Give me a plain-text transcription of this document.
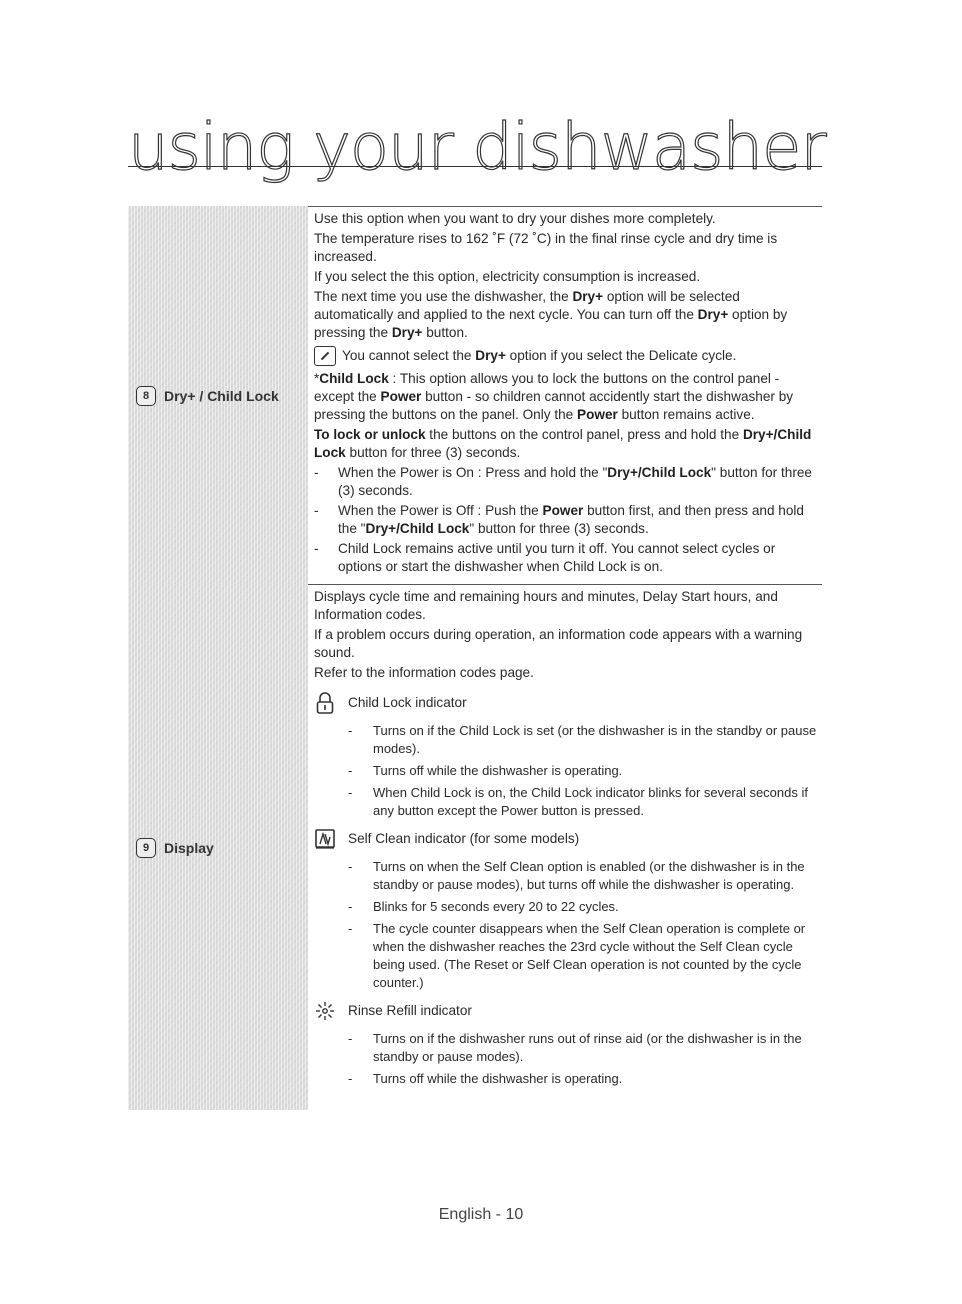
using your dishwasher
8	Dry+ / Child Lock

Use this option when you want to dry your dishes more completely.

The temperature rises to 162 ˚F (72 ˚C) in the final rinse cycle and dry time is increased.

If you select the this option, electricity consumption is increased.

The next time you use the dishwasher, the Dry+ option will be selected automatically and applied to the next cycle. You can turn off the Dry+ option by pressing the Dry+ button.

You cannot select the Dry+ option if you select the Delicate cycle.

*Child Lock : This option allows you to lock the buttons on the control panel - except the Power button - so children cannot accidently start the dishwasher by pressing the buttons on the panel. Only the Power button remains active.

To lock or unlock the buttons on the control panel, press and hold the Dry+/Child Lock button for three (3) seconds.

-	When the Power is On : Press and hold the "Dry+/Child Lock" button for three (3) seconds.
-	When the Power is Off : Push the Power button first, and then press and hold the "Dry+/Child Lock" button for three (3) seconds.
-	Child Lock remains active until you turn it off. You cannot select cycles or options or start the dishwasher when Child Lock is on.
9	Display

Displays cycle time and remaining hours and minutes, Delay Start hours, and Information codes.

If a problem occurs during operation, an information code appears with a warning sound.

Refer to the information codes page.

Child Lock indicator
-	Turns on if the Child Lock is set (or the dishwasher is in the standby or pause modes).
-	Turns off while the dishwasher is operating.
-	When Child Lock is on, the Child Lock indicator blinks for several seconds if any button except the Power button is pressed.
Self Clean indicator (for some models)
-	Turns on when the Self Clean option is enabled (or the dishwasher is in the standby or pause modes), but turns off while the dishwasher is operating.
-	Blinks for 5 seconds every 20 to 22 cycles.
-	The cycle counter disappears when the Self Clean operation is complete or when the dishwasher reaches the 23rd cycle without the Self Clean cycle being used. (The Reset or Self Clean operation is not counted by the cycle counter.)
Rinse Refill indicator
-	Turns on if the dishwasher runs out of rinse aid (or the dishwasher is in the standby or pause modes).
-	Turns off while the dishwasher is operating.
English - 10
